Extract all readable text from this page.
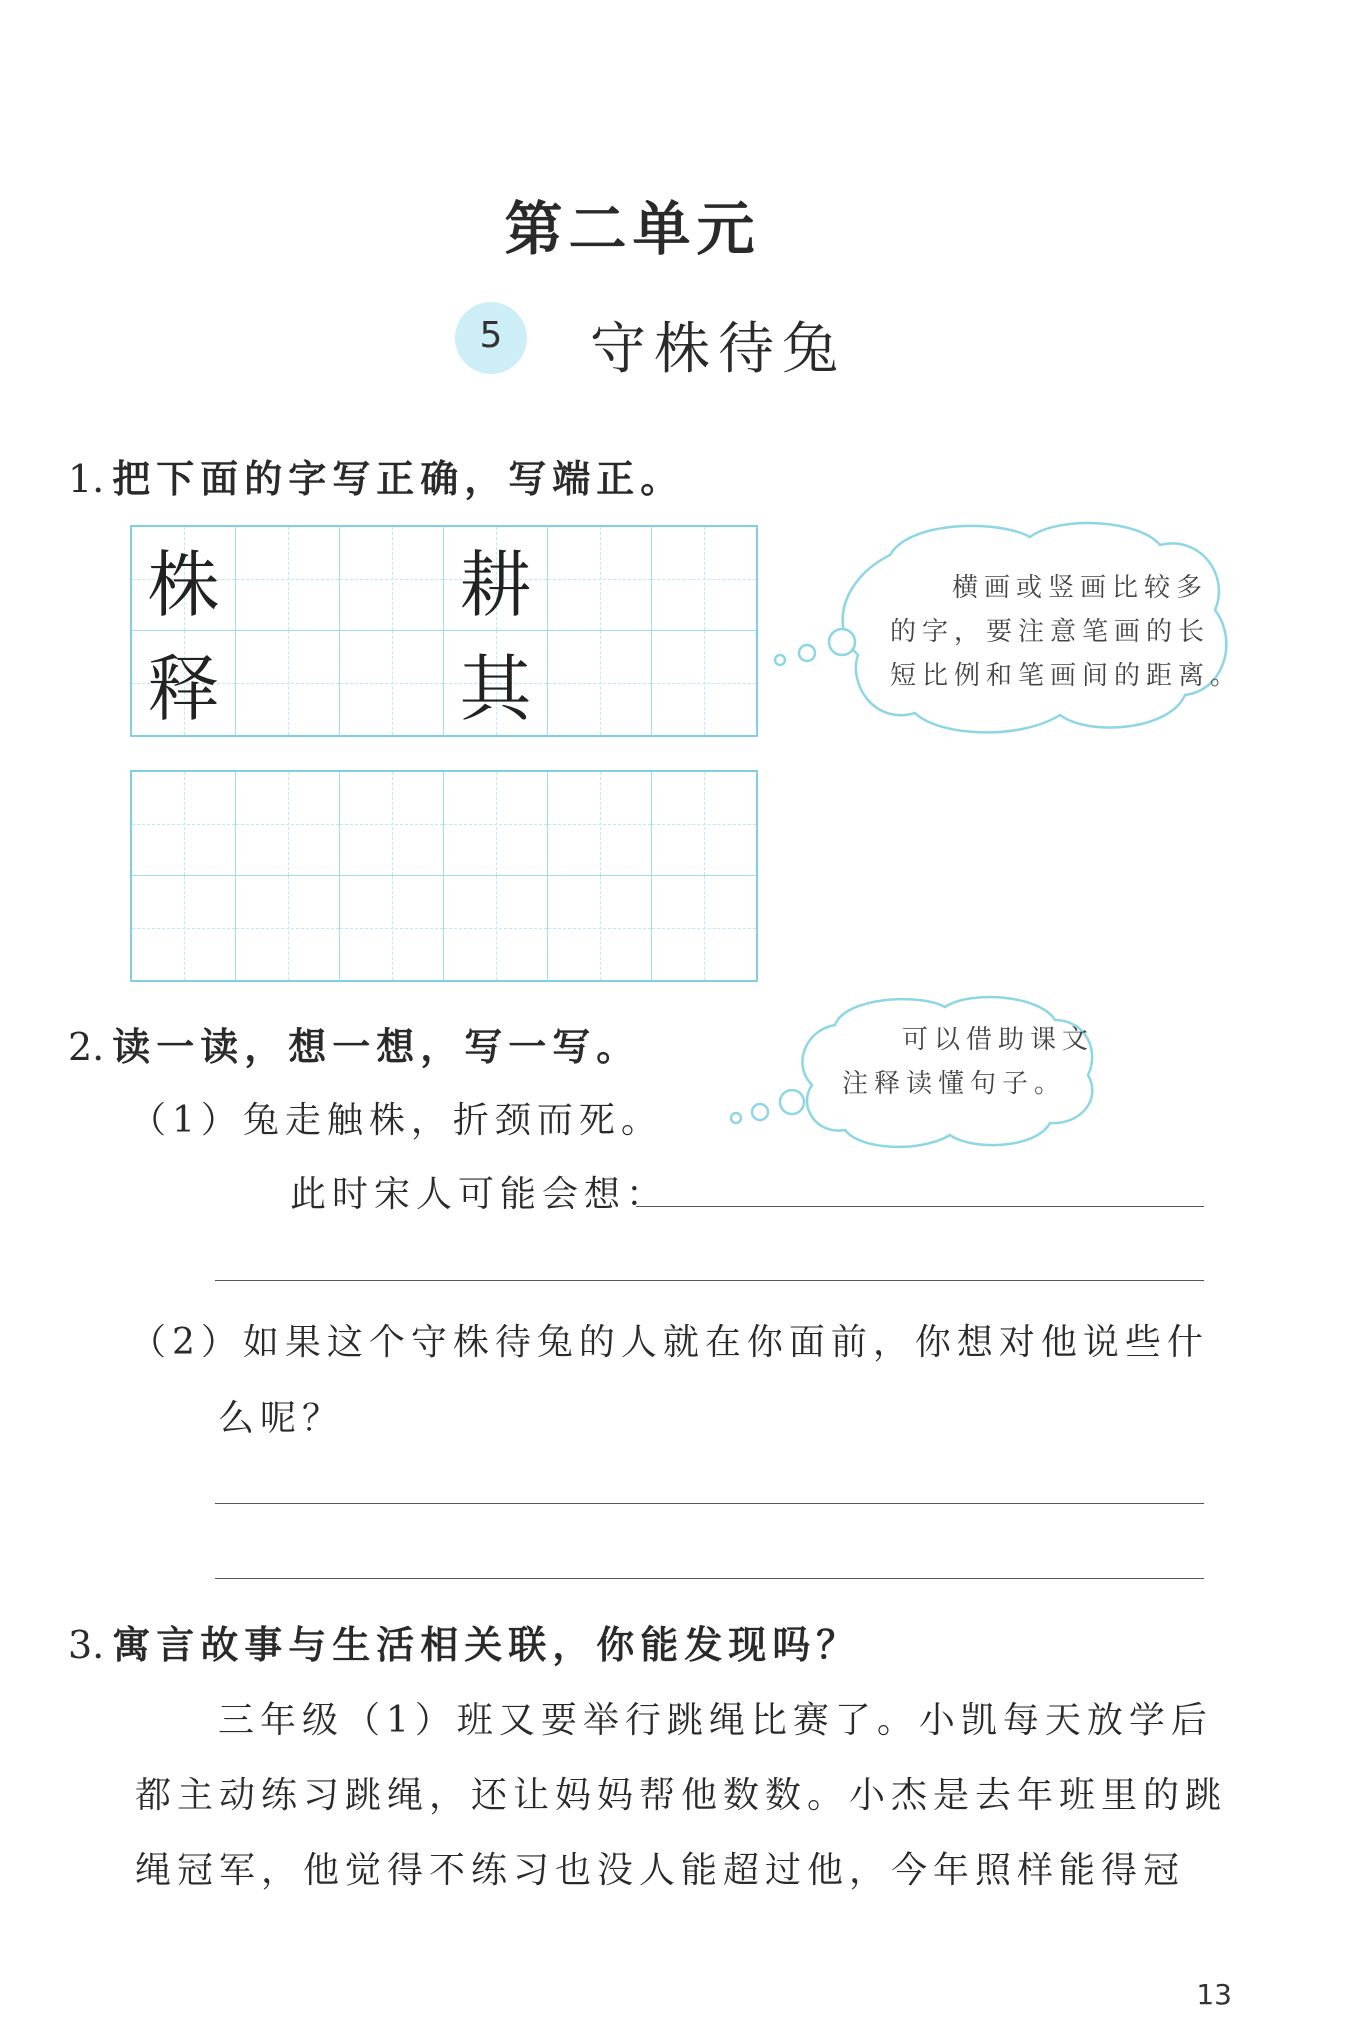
第二单元
5	守株待兔
1. 把下面的字写正确，写端正。
株	耕
释	其
横画或竖画比较多
的字，要注意笔画的长
短比例和笔画间的距离。
2. 读一读，想一想，写一写。	可以借助课文
注释读懂句子。
（1）兔走触株，折颈而死。
此时宋人可能会想：
（2）如果这个守株待兔的人就在你面前，你想对他说些什
么呢？
3. 寓言故事与生活相关联，你能发现吗？
三年级（1）班又要举行跳绳比赛了。小凯每天放学后
都主动练习跳绳，还让妈妈帮他数数。小杰是去年班里的跳
绳冠军，他觉得不练习也没人能超过他，今年照样能得冠
13
